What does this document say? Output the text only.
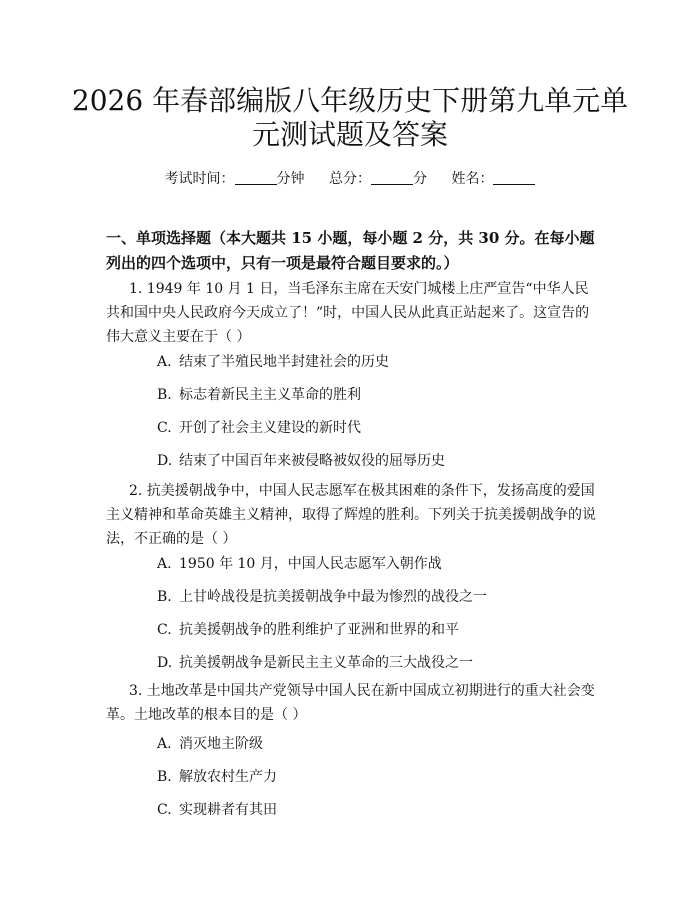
2026 年春部编版八年级历史下册第九单元单
元测试题及答案
考试时间：	分钟 总分：	分 姓名：
一、单项选择题（本大题共 15 小题，每小题 2 分，共 30 分。在每小题列出的四个选项中，只有一项是最符合题目要求的。）
1. 1949 年 10 月 1 日，当毛泽东主席在天安门城楼上庄严宣告“中华人民共和国中央人民政府今天成立了！”时，中国人民从此真正站起来了。这宣告的伟大意义主要在于（ ）
A. 结束了半殖民地半封建社会的历史
B. 标志着新民主主义革命的胜利
C. 开创了社会主义建设的新时代
D. 结束了中国百年来被侵略被奴役的屈辱历史
2. 抗美援朝战争中，中国人民志愿军在极其困难的条件下，发扬高度的爱国主义精神和革命英雄主义精神，取得了辉煌的胜利。下列关于抗美援朝战争的说法，不正确的是（ ）
A. 1950 年 10 月，中国人民志愿军入朝作战
B. 上甘岭战役是抗美援朝战争中最为惨烈的战役之一
C. 抗美援朝战争的胜利维护了亚洲和世界的和平
D. 抗美援朝战争是新民主主义革命的三大战役之一
3. 土地改革是中国共产党领导中国人民在新中国成立初期进行的重大社会变革。土地改革的根本目的是（ ）
A. 消灭地主阶级
B. 解放农村生产力
C. 实现耕者有其田
